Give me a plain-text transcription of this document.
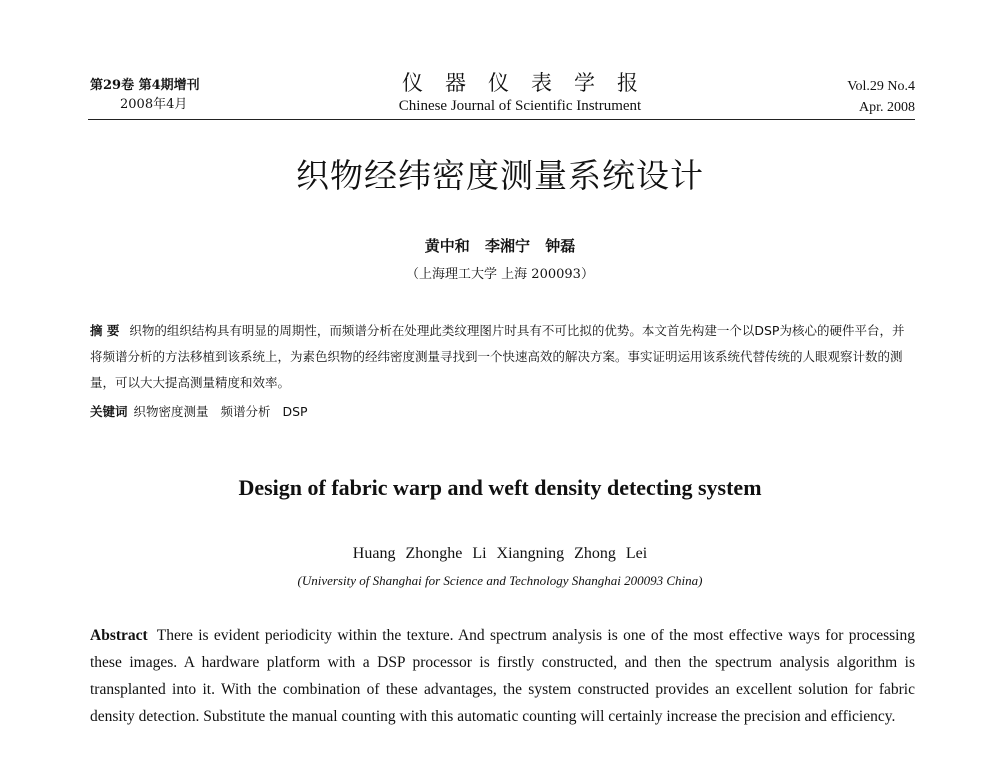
第29卷 第4期增刊
2008年4月
仪器仪表学报
Chinese Journal of Scientific Instrument
Vol.29 No.4
Apr. 2008
织物经纬密度测量系统设计
黄中和 李湘宁 钟磊
（上海理工大学 上海 200093）
摘 要 织物的组织结构具有明显的周期性，而频谱分析在处理此类纹理图片时具有不可比拟的优势。本文首先构建一个以DSP为核心的硬件平台，并将频谱分析的方法移植到该系统上，为素色织物的经纬密度测量寻找到一个快速高效的解决方案。事实证明运用该系统代替传统的人眼观察计数的测量，可以大大提高测量精度和效率。
关键词 织物密度测量 频谱分析 DSP
Design of fabric warp and weft density detecting system
Huang Zhonghe Li Xiangning Zhong Lei
(University of Shanghai for Science and Technology Shanghai 200093 China)
Abstract There is evident periodicity within the texture. And spectrum analysis is one of the most effective ways for processing these images. A hardware platform with a DSP processor is firstly constructed, and then the spectrum analysis algorithm is transplanted into it. With the combination of these advantages, the system constructed provides an excellent solution for fabric density detection. Substitute the manual counting with this automatic counting will certainly increase the precision and efficiency.
